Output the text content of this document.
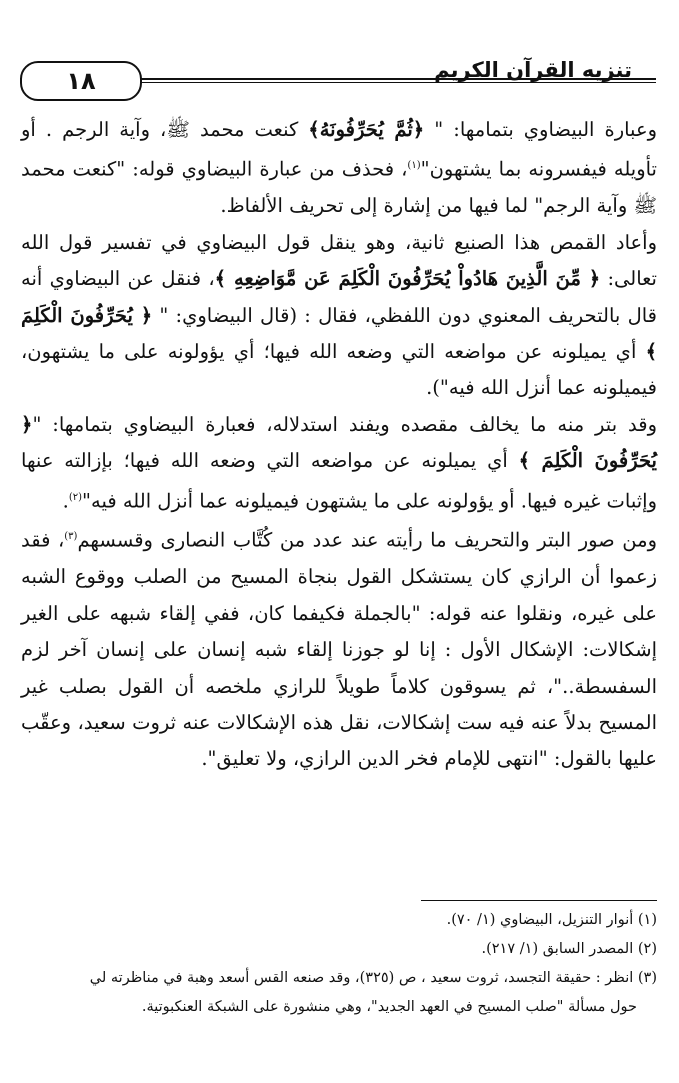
تنزيه القرآن الكريم
١٨

وعبارة البيضاوي بتمامها: " ﴿ثُمَّ يُحَرِّفُونَهُ﴾ كنعت محمد ﷺ، وآية الرجم . أو تأويله فيفسرونه بما يشتهون"$^{(١)}$، فحذف من عبارة البيضاوي قوله: "كنعت محمد ﷺ وآية الرجم" لما فيها من إشارة إلى تحريف الألفاظ.

وأعاد القمص هذا الصنيع ثانية، وهو ينقل قول البيضاوي في تفسير قول الله تعالى: ﴿ مِّنَ الَّذِينَ هَادُواْ يُحَرِّفُونَ الْكَلِمَ عَن مَّوَاضِعِهِ ﴾، فنقل عن البيضاوي أنه قال بالتحريف المعنوي دون اللفظي، فقال : (قال البيضاوي: " ﴿ يُحَرِّفُونَ الْكَلِمَ ﴾ أي يميلونه عن مواضعه التي وضعه الله فيها؛ أي يؤولونه على ما يشتهون، فيميلونه عما أنزل الله فيه").

وقد بتر منه ما يخالف مقصده ويفند استدلاله، فعبارة البيضاوي بتمامها: "﴿ يُحَرِّفُونَ الْكَلِمَ ﴾ أي يميلونه عن مواضعه التي وضعه الله فيها؛ بإزالته عنها وإثبات غيره فيها. أو يؤولونه على ما يشتهون فيميلونه عما أنزل الله فيه"$^{(٢)}$.

ومن صور البتر والتحريف ما رأيته عند عدد من كُتَّاب النصارى وقسسهم$^{(٣)}$، فقد زعموا أن الرازي كان يستشكل القول بنجاة المسيح من الصلب ووقوع الشبه على غيره، ونقلوا عنه قوله: "بالجملة فكيفما كان، ففي إلقاء شبهه على الغير إشكالات: الإشكال الأول : إنا لو جوزنا إلقاء شبه إنسان على إنسان آخر لزم السفسطة.."، ثم يسوقون كلاماً طويلاً للرازي ملخصه أن القول بصلب غير المسيح بدلاً عنه فيه ست إشكالات، نقل هذه الإشكالات عنه ثروت سعيد، وعقّب عليها بالقول: "انتهى للإمام فخر الدين الرازي، ولا تعليق".

(١) أنوار التنزيل، البيضاوي (١/ ٧٠).

(٢) المصدر السابق (١/ ٢١٧).

(٣) انظر : حقيقة التجسد، ثروت سعيد ، ص (٣٢٥)، وقد صنعه القس أسعد وهبة في مناظرته لي

حول مسألة "صلب المسيح في العهد الجديد"، وهي منشورة على الشبكة العنكبوتية.
